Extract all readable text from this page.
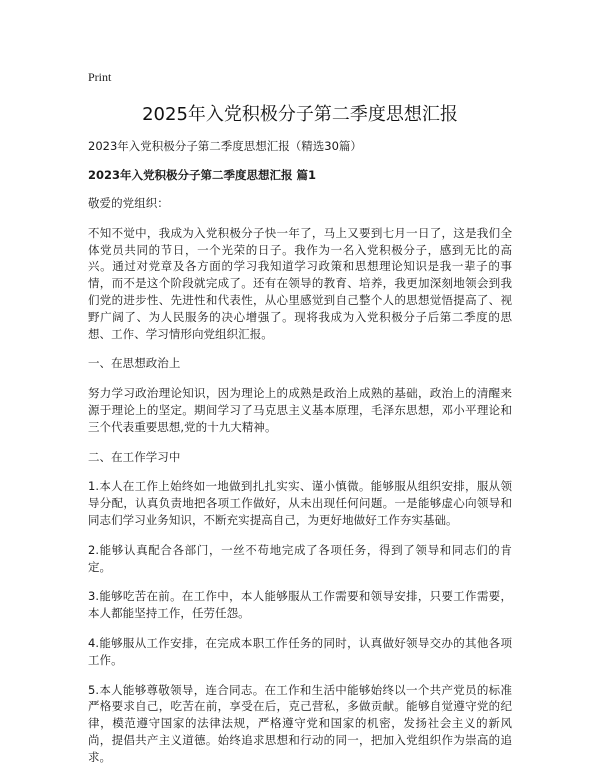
Print
2025年入党积极分子第二季度思想汇报

2023年入党积极分子第二季度思想汇报（精选30篇）

2023年入党积极分子第二季度思想汇报 篇1

敬爱的党组织：

不知不觉中，我成为入党积极分子快一年了，马上又要到七月一日了，这是我们全体党员共同的节日，一个光荣的日子。我作为一名入党积极分子，感到无比的高兴。通过对党章及各方面的学习我知道学习政策和思想理论知识是我一辈子的事情，而不是这个阶段就完成了。还有在领导的教育、培养，我更加深刻地领会到我们党的进步性、先进性和代表性，从心里感觉到自己整个人的思想觉悟提高了、视野广阔了、为人民服务的决心增强了。现将我成为入党积极分子后第二季度的思想、工作、学习情形向党组织汇报。

一、在思想政治上

努力学习政治理论知识，因为理论上的成熟是政治上成熟的基础，政治上的清醒来源于理论上的坚定。期间学习了马克思主义基本原理，毛泽东思想，邓小平理论和三个代表重要思想,党的十九大精神。

二、在工作学习中

1.本人在工作上始终如一地做到扎扎实实、谨小慎微。能够服从组织安排，服从领导分配，认真负责地把各项工作做好，从未出现任何问题。一是能够虚心向领导和同志们学习业务知识，不断充实提高自己，为更好地做好工作夯实基础。

2.能够认真配合各部门，一丝不苟地完成了各项任务，得到了领导和同志们的肯定。

3.能够吃苦在前。在工作中，本人能够服从工作需要和领导安排，只要工作需要，本人都能坚持工作，任劳任怨。

4.能够服从工作安排，在完成本职工作任务的同时，认真做好领导交办的其他各项工作。

5.本人能够尊敬领导，连合同志。在工作和生活中能够始终以一个共产党员的标准严格要求自己，吃苦在前，享受在后，克己营私，多做贡献。能够自觉遵守党的纪律，模范遵守国家的法律法规，严格遵守党和国家的机密，发扬社会主义的新风尚，提倡共产主义道德。始终追求思想和行动的同一，把加入党组织作为崇高的追求。
